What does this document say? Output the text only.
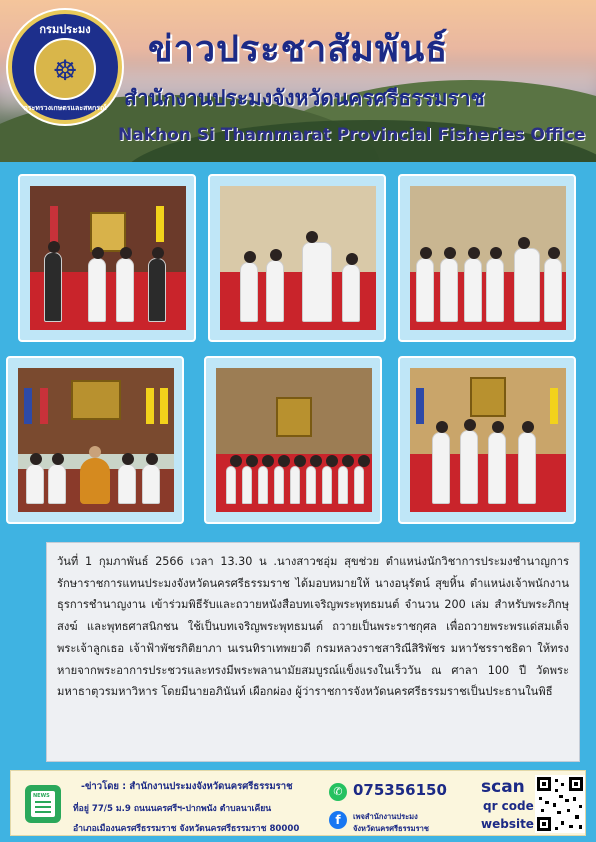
กรมประมง
☸
กระทรวงเกษตรและสหกรณ์
ข่าวประชาสัมพันธ์
สำนักงานประมงจังหวัดนครศรีธรรมราช
Nakhon Si Thammarat Provincial Fisheries Office
วันที่ 1 กุมภาพันธ์ 2566 เวลา 13.30 น .นางสาวชอุ่ม สุขช่วย ตำแหน่งนักวิชาการประมงชำนาญการ รักษาราชการแทนประมงจังหวัดนครศรีธรรมราช ได้มอบหมายให้ นางอนุรัตน์ สุขหิ้น ตำแหน่งเจ้าพนักงานธุรการชำนาญงาน เข้าร่วมพิธีรับและถวายหนังสือบทเจริญพระพุทธมนต์ จำนวน 200 เล่ม สำหรับพระภิกษุสงฆ์ และพุทธศาสนิกชน ใช้เป็นบทเจริญพระพุทธมนต์ ถวายเป็นพระราชกุศล เพื่อถวายพระพรแด่สมเด็จพระเจ้าลูกเธอ เจ้าฟ้าพัชรกิติยาภา นเรนทิราเทพยวดี กรมหลวงราชสาริณีสิริพัชร มหาวัชรราชธิดา ให้ทรงหายจากพระอาการประชวรและทรงมีพระพลานามัยสมบูรณ์แข็งแรงในเร็ววัน ณ ศาลา 100 ปี วัดพระมหาธาตุวรมหาวิหาร โดยมีนายอภินันท์ เผือกผ่อง ผู้ว่าราชการจังหวัดนครศรีธรรมราชเป็นประธานในพิธี
NEWS
-ข่าวโดย : สำนักงานประมงจังหวัดนครศรีธรรมราช
ที่อยู่ 77/5 ม.9 ถนนนครศรีฯ-ปากพนัง ตำบลนาเคียน
อำเภอเมืองนครศรีธรรมราช จังหวัดนครศรีธรรมราช 80000
✆ 075356150
f	เพจสำนักงานประมง
จังหวัดนครศรีธรรมราช
scan
qr code
website
